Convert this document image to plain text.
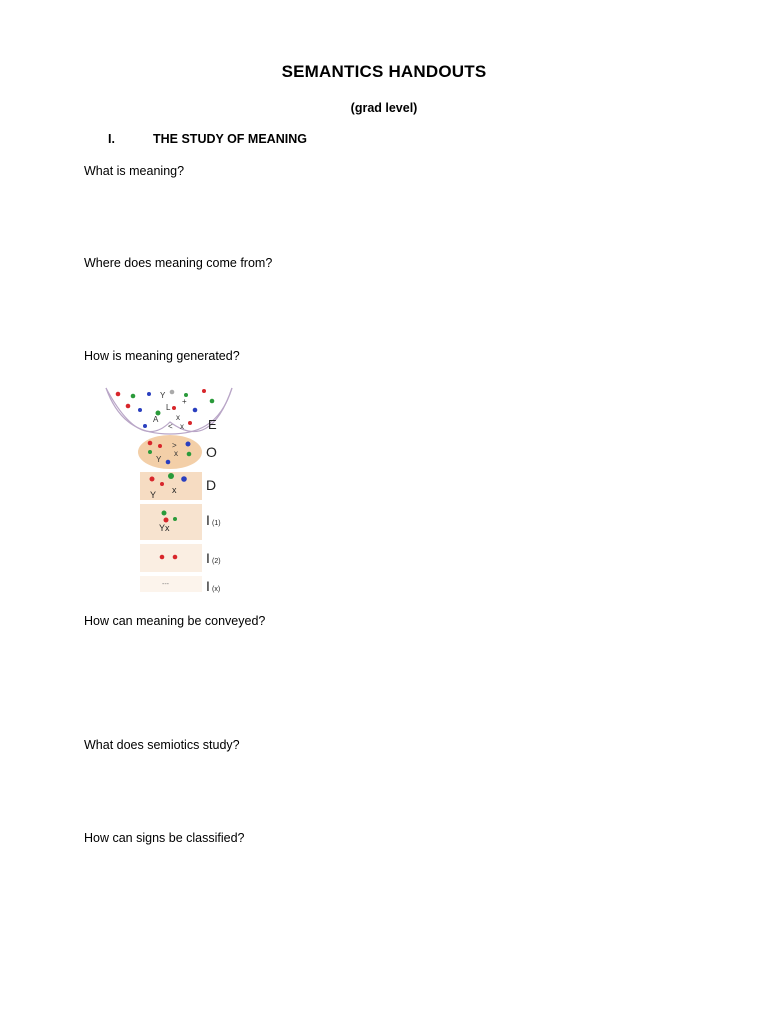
SEMANTICS HANDOUTS
(grad level)
I.	THE STUDY OF MEANING
What is meaning?
Where does meaning come from?
How is meaning generated?
How can meaning be conveyed?
What does semiotics study?
How can signs be classified?
Y
L
A x
+
< x E
>
x
Y	O
Y x D
Yx	I (1)
I (2)
---	I (x)
